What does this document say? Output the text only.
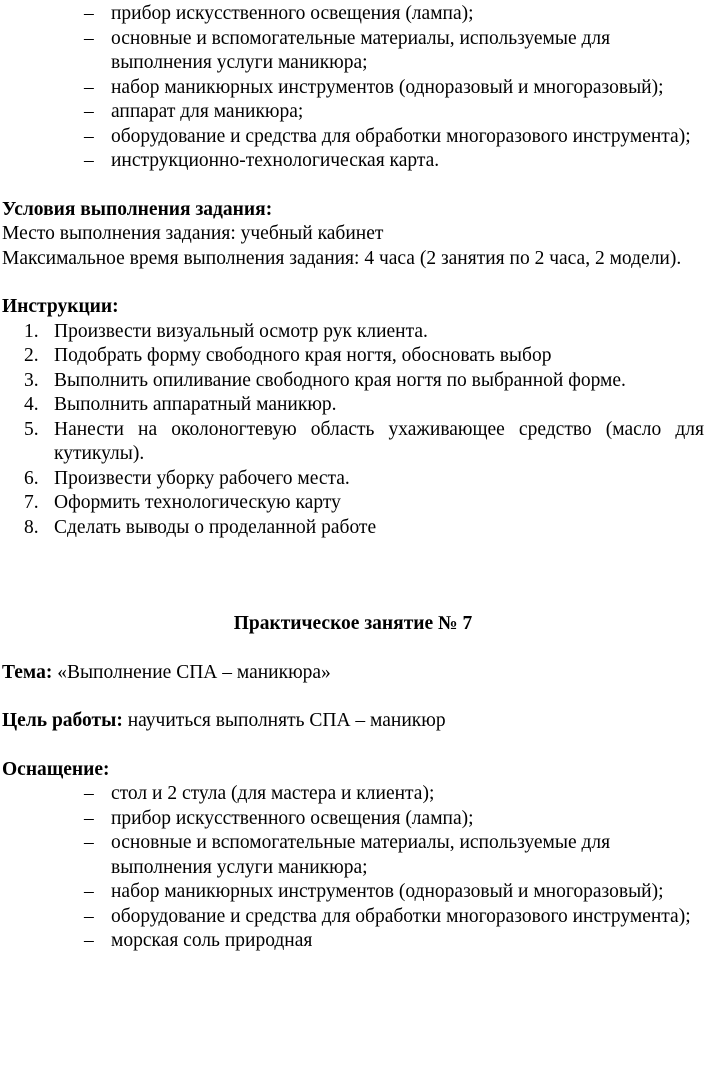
– прибор искусственного освещения (лампа);
– основные и вспомогательные материалы, используемые для выполнения услуги маникюра;
– набор маникюрных инструментов (одноразовый и многоразовый);
– аппарат для маникюра;
– оборудование и средства для обработки многоразового инструмента);
– инструкционно-технологическая карта.

Условия выполнения задания:

Место выполнения задания: учебный кабинет

Максимальное время выполнения задания: 4 часа (2 занятия по 2 часа, 2 модели).

Инструкции:

1. Произвести визуальный осмотр рук клиента.
2. Подобрать форму свободного края ногтя, обосновать выбор
3. Выполнить опиливание свободного края ногтя по выбранной форме.
4. Выполнить аппаратный маникюр.
5. Нанести на околоногтевую область ухаживающее средство (масло для кутикулы).
6. Произвести уборку рабочего места.
7. Оформить технологическую карту
8. Сделать выводы о проделанной работе

Практическое занятие № 7

Тема: «Выполнение СПА – маникюра»

Цель работы: научиться выполнять СПА – маникюр

Оснащение:

– стол и 2 стула (для мастера и клиента);
– прибор искусственного освещения (лампа);
– основные и вспомогательные материалы, используемые для выполнения услуги маникюра;
– набор маникюрных инструментов (одноразовый и многоразовый);
– оборудование и средства для обработки многоразового инструмента);
– морская соль природная
